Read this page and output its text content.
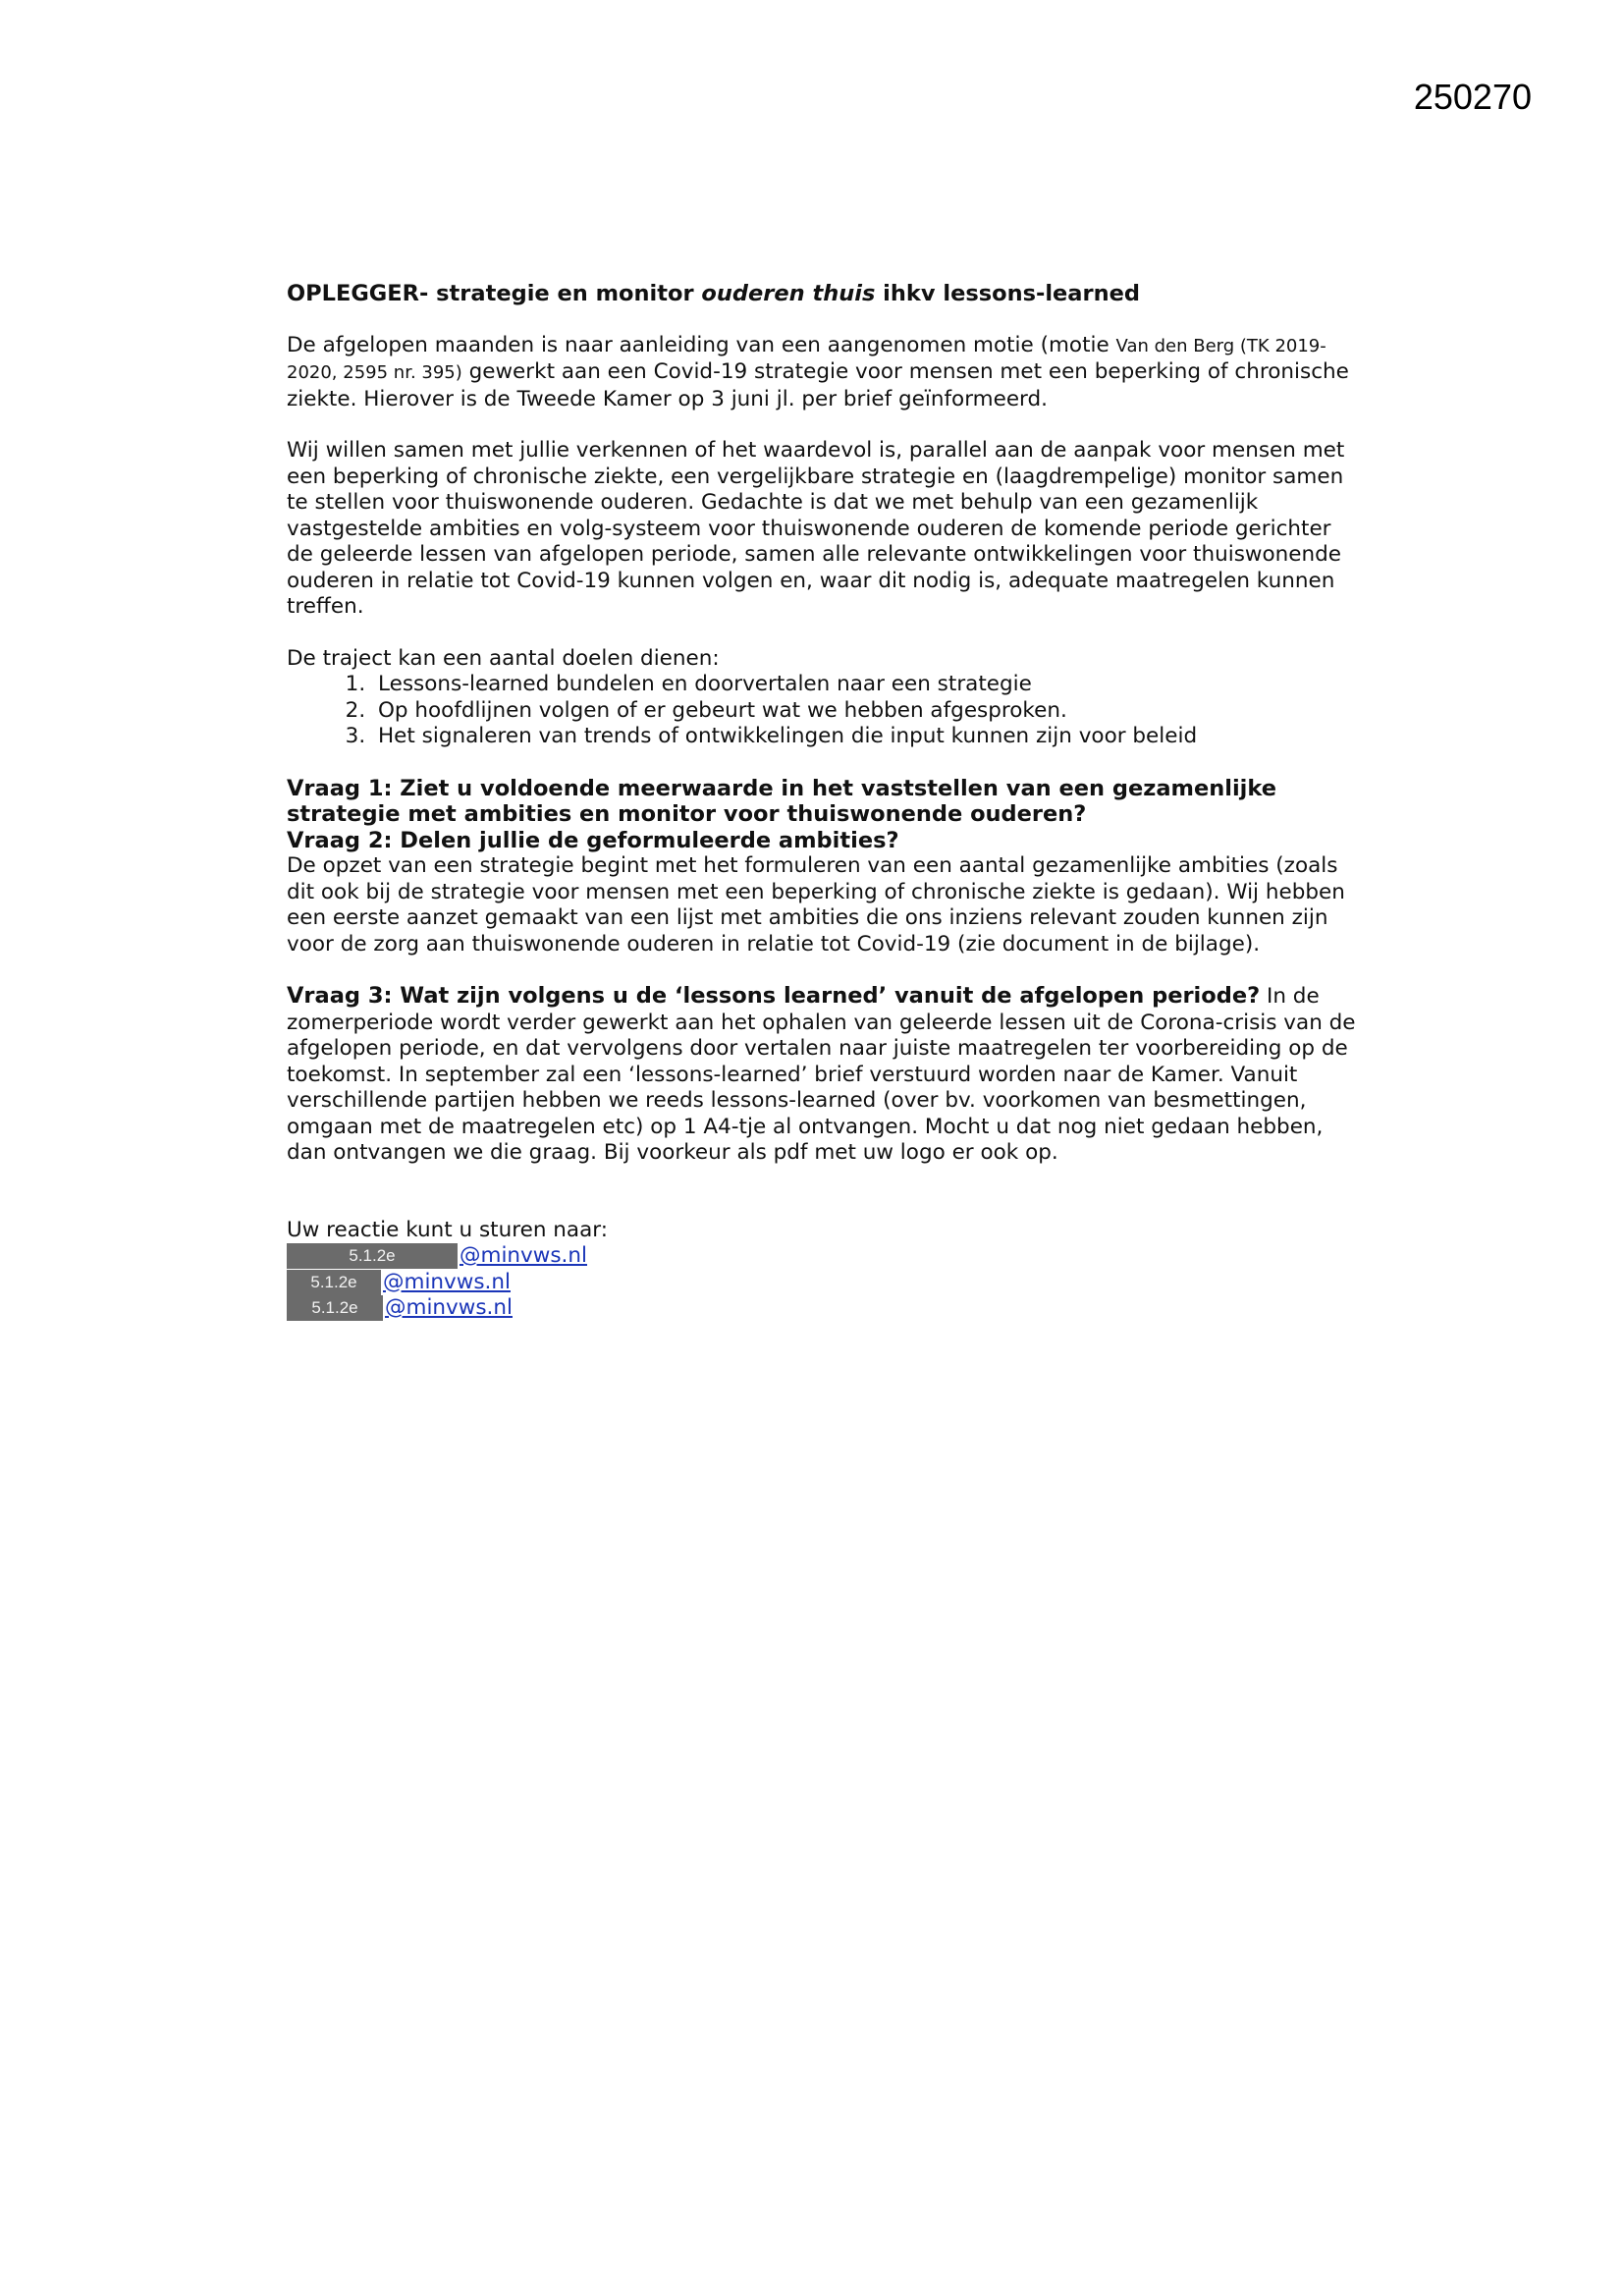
250270
OPLEGGER- strategie en monitor ouderen thuis ihkv lessons-learned

De afgelopen maanden is naar aanleiding van een aangenomen motie (motie Van den Berg (TK 2019-2020, 2595 nr. 395) gewerkt aan een Covid-19 strategie voor mensen met een beperking of chronische ziekte. Hierover is de Tweede Kamer op 3 juni jl. per brief geïnformeerd.

Wij willen samen met jullie verkennen of het waardevol is, parallel aan de aanpak voor mensen met een beperking of chronische ziekte, een vergelijkbare strategie en (laagdrempelige) monitor samen te stellen voor thuiswonende ouderen. Gedachte is dat we met behulp van een gezamenlijk vastgestelde ambities en volg-systeem voor thuiswonende ouderen de komende periode gerichter de geleerde lessen van afgelopen periode, samen alle relevante ontwikkelingen voor thuiswonende ouderen in relatie tot Covid-19 kunnen volgen en, waar dit nodig is, adequate maatregelen kunnen treffen.

De traject kan een aantal doelen dienen:

1. Lessons-learned bundelen en doorvertalen naar een strategie
2. Op hoofdlijnen volgen of er gebeurt wat we hebben afgesproken.
3. Het signaleren van trends of ontwikkelingen die input kunnen zijn voor beleid

Vraag 1: Ziet u voldoende meerwaarde in het vaststellen van een gezamenlijke strategie met ambities en monitor voor thuiswonende ouderen?

Vraag 2: Delen jullie de geformuleerde ambities?

De opzet van een strategie begint met het formuleren van een aantal gezamenlijke ambities (zoals dit ook bij de strategie voor mensen met een beperking of chronische ziekte is gedaan). Wij hebben een eerste aanzet gemaakt van een lijst met ambities die ons inziens relevant zouden kunnen zijn voor de zorg aan thuiswonende ouderen in relatie tot Covid-19 (zie document in de bijlage).

Vraag 3: Wat zijn volgens u de ‘lessons learned’ vanuit de afgelopen periode? In de zomerperiode wordt verder gewerkt aan het ophalen van geleerde lessen uit de Corona-crisis van de afgelopen periode, en dat vervolgens door vertalen naar juiste maatregelen ter voorbereiding op de toekomst. In september zal een ‘lessons-learned’ brief verstuurd worden naar de Kamer. Vanuit verschillende partijen hebben we reeds lessons-learned (over bv. voorkomen van besmettingen, omgaan met de maatregelen etc) op 1 A4-tje al ontvangen. Mocht u dat nog niet gedaan hebben, dan ontvangen we die graag. Bij voorkeur als pdf met uw logo er ook op.

Uw reactie kunt u sturen naar:

5.1.2e	@minvws.nl
5.1.2e	@minvws.nl
5.1.2e	@minvws.nl
